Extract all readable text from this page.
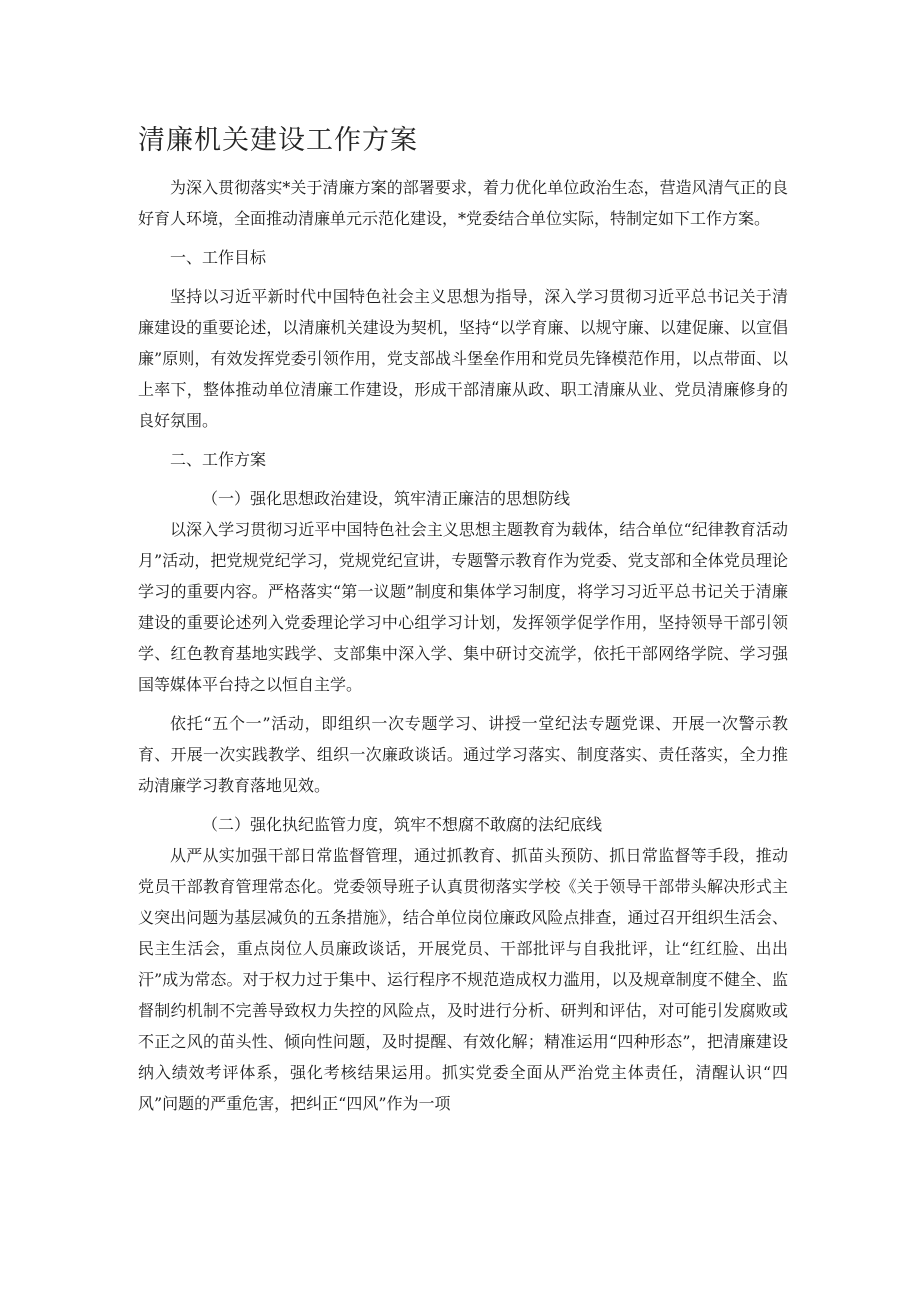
清廉机关建设工作方案

为深入贯彻落实*关于清廉方案的部署要求，着力优化单位政治生态，营造风清气正的良好育人环境，全面推动清廉单元示范化建设，*党委结合单位实际，特制定如下工作方案。

一、工作目标

坚持以习近平新时代中国特色社会主义思想为指导，深入学习贯彻习近平总书记关于清廉建设的重要论述，以清廉机关建设为契机，坚持“以学育廉、以规守廉、以建促廉、以宣倡廉”原则，有效发挥党委引领作用，党支部战斗堡垒作用和党员先锋模范作用，以点带面、以上率下，整体推动单位清廉工作建设，形成干部清廉从政、职工清廉从业、党员清廉修身的良好氛围。

二、工作方案

（一）强化思想政治建设，筑牢清正廉洁的思想防线

以深入学习贯彻习近平中国特色社会主义思想主题教育为载体，结合单位“纪律教育活动月”活动，把党规党纪学习，党规党纪宣讲，专题警示教育作为党委、党支部和全体党员理论学习的重要内容。严格落实“第一议题”制度和集体学习制度，将学习习近平总书记关于清廉建设的重要论述列入党委理论学习中心组学习计划，发挥领学促学作用，坚持领导干部引领学、红色教育基地实践学、支部集中深入学、集中研讨交流学，依托干部网络学院、学习强国等媒体平台持之以恒自主学。

依托“五个一”活动，即组织一次专题学习、讲授一堂纪法专题党课、开展一次警示教育、开展一次实践教学、组织一次廉政谈话。通过学习落实、制度落实、责任落实，全力推动清廉学习教育落地见效。

（二）强化执纪监管力度，筑牢不想腐不敢腐的法纪底线

从严从实加强干部日常监督管理，通过抓教育、抓苗头预防、抓日常监督等手段，推动党员干部教育管理常态化。党委领导班子认真贯彻落实学校《关于领导干部带头解决形式主义突出问题为基层减负的五条措施》，结合单位岗位廉政风险点排查，通过召开组织生活会、民主生活会，重点岗位人员廉政谈话，开展党员、干部批评与自我批评，让“红红脸、出出汗”成为常态。对于权力过于集中、运行程序不规范造成权力滥用，以及规章制度不健全、监督制约机制不完善导致权力失控的风险点，及时进行分析、研判和评估，对可能引发腐败或不正之风的苗头性、倾向性问题，及时提醒、有效化解；精准运用“四种形态”，把清廉建设纳入绩效考评体系，强化考核结果运用。抓实党委全面从严治党主体责任，清醒认识“四风”问题的严重危害，把纠正“四风”作为一项
